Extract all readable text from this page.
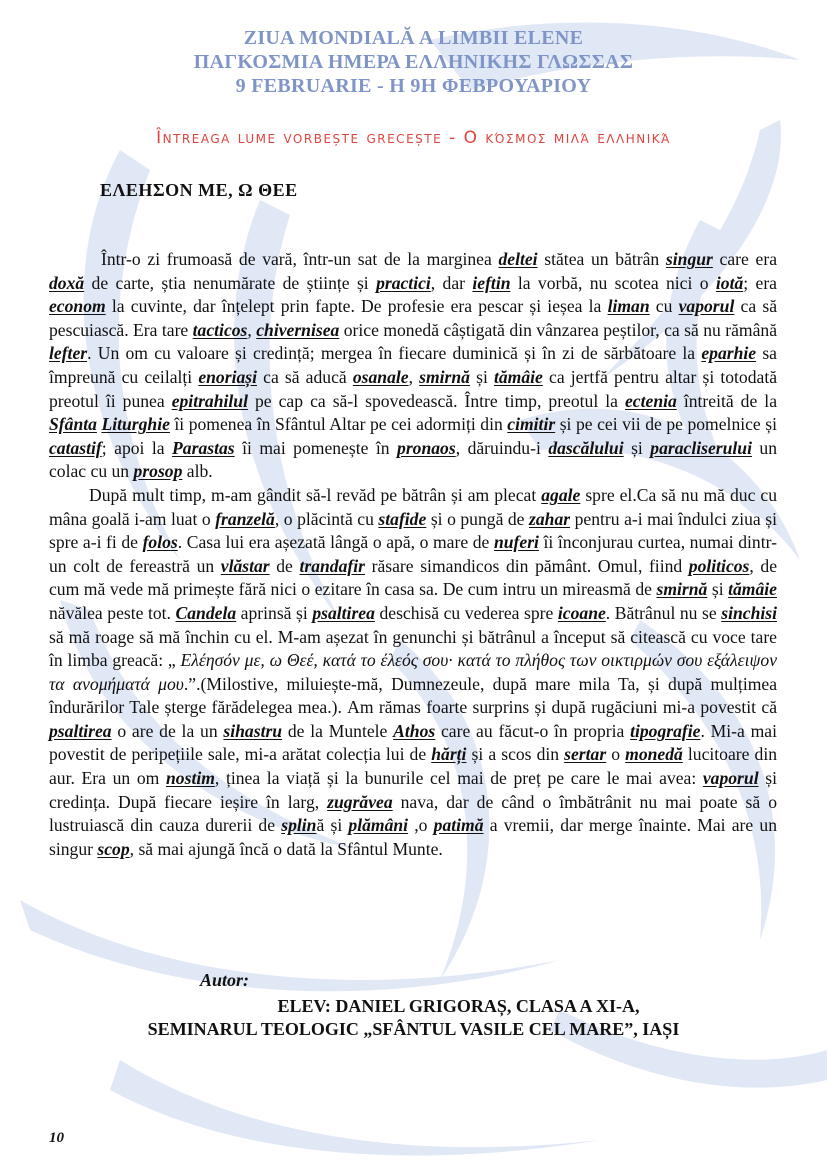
ZIUA MONDIALĂ A LIMBII ELENE
ΠΑΓΚΟΣΜΙΑ ΗΜΕΡΑ ΕΛΛΗΝΙΚΗΣ ΓΛΩΣΣΑΣ
9 FEBRUARIE - Η 9Η ΦΕΒΡΟΥΑΡΙΟΥ
Întreaga lume vorbește grecește - Ο κόσμος μιλά ελληνικά
ΕΛΕΗΣΟΝ ΜΕ, Ω ΘΕΕ

Într-o zi frumoasă de vară, într-un sat de la marginea deltei stătea un bătrân singur care era doxă de carte, știa nenumărate de științe și practici, dar ieftin la vorbă, nu scotea nici o iotă; era econom la cuvinte, dar înțelept prin fapte. De profesie era pescar și ieșea la liman cu vaporul ca să pescuiască. Era tare tacticos, chivernisea orice monedă câștigată din vânzarea peștilor, ca să nu rămână lefter. Un om cu valoare și credință; mergea în fiecare duminică și în zi de sărbătoare la eparhie sa împreună cu ceilalți enoriași ca să aducă osanale, smirnă și tămâie ca jertfă pentru altar și totodată preotul îi punea epitrahilul pe cap ca să-l spovedească. Între timp, preotul la ectenia întreită de la Sfânta Liturghie îi pomenea în Sfântul Altar pe cei adormiți din cimitir și pe cei vii de pe pomelnice și catastif; apoi la Parastas îi mai pomenește în pronaos, dăruindu-i dascălului și paracliserului un colac cu un prosop alb.

După mult timp, m-am gândit să-l revăd pe bătrân și am plecat agale spre el.Ca să nu mă duc cu mâna goală i-am luat o franzelă, o plăcintă cu stafide și o pungă de zahar pentru a-i mai îndulci ziua și spre a-i fi de folos. Casa lui era așezată lângă o apă, o mare de nuferi îi înconjurau curtea, numai dintr-un colt de fereastră un vlăstar de trandafir răsare simandicos din pământ. Omul, fiind politicos, de cum mă vede mă primește fără nici o ezitare în casa sa. De cum intru un mireasmă de smirnă și tămâie năvălea peste tot. Candela aprinsă și psaltirea deschisă cu vederea spre icoane. Bătrânul nu se sinchisi să mă roage să mă închin cu el. M-am așezat în genunchi și bătrânul a început să citească cu voce tare în limba greacă: „ Ελέησόν με, ω Θεέ, κατά το έλεός σου· κατά το πλήθος των οικτιρμών σου εξάλειψον τα ανομήματά μου.”.(Milostive, miluiește-mă, Dumnezeule, după mare mila Ta, și după mulțimea îndurărilor Tale șterge fărădelegea mea.). Am rămas foarte surprins și după rugăciuni mi-a povestit că psaltirea o are de la un sihastru de la Muntele Athos care au făcut-o în propria tipografie. Mi-a mai povestit de peripețiile sale, mi-a arătat colecția lui de hărți și a scos din sertar o monedă lucitoare din aur. Era un om nostim, ținea la viață și la bunurile cel mai de preț pe care le mai avea: vaporul și credința. După fiecare ieșire în larg, zugrăvea nava, dar de când o îmbătrânit nu mai poate să o lustruiască din cauza durerii de splină și plămâni ,o patimă a vremii, dar merge înainte. Mai are un singur scop, să mai ajungă încă o dată la Sfântul Munte.

Autor:
ELEV: DANIEL GRIGORAȘ, CLASA A XI-A,
SEMINARUL TEOLOGIC „SFÂNTUL VASILE CEL MARE”, IAȘI
10
